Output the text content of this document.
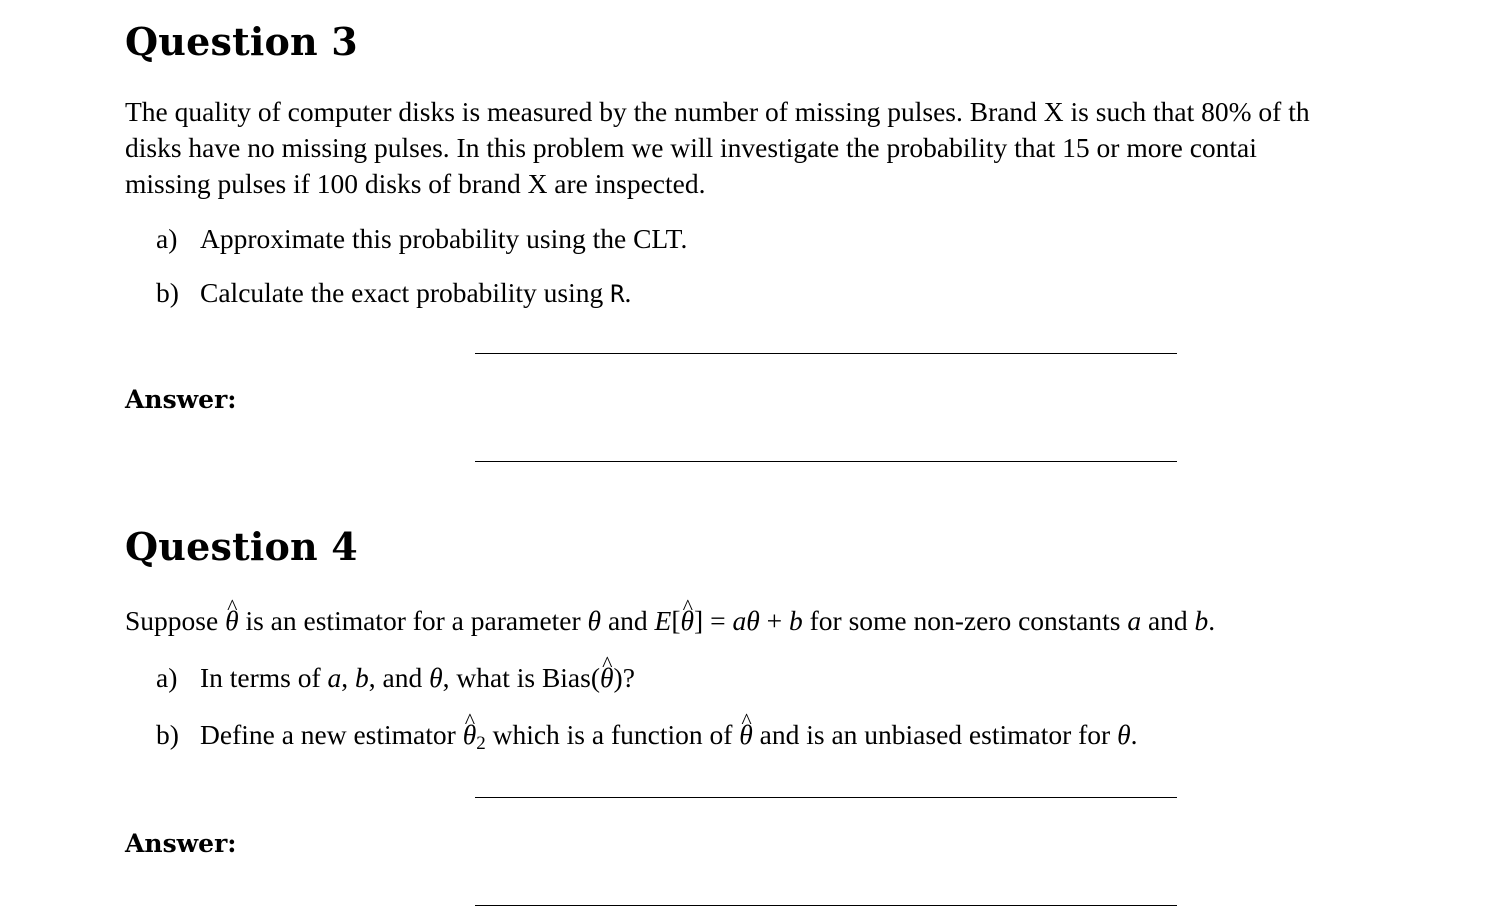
Question 3

The quality of computer disks is measured by the number of missing pulses. Brand X is such that 80% of th
disks have no missing pulses. In this problem we will investigate the probability that 15 or more contai
missing pulses if 100 disks of brand X are inspected.

a) Approximate this probability using the CLT.

b) Calculate the exact probability using R.

Answer:
Question 4

Suppose ^ θ is an estimator for a parameter θ and E[^ θ] = aθ + b for some non-zero constants a and b.

a) In terms of a, b, and θ, what is Bias(^ θ)?

b) Define a new estimator ^ $\theta_2$ which is a function of ^ θ and is an unbiased estimator for θ.

Answer:
